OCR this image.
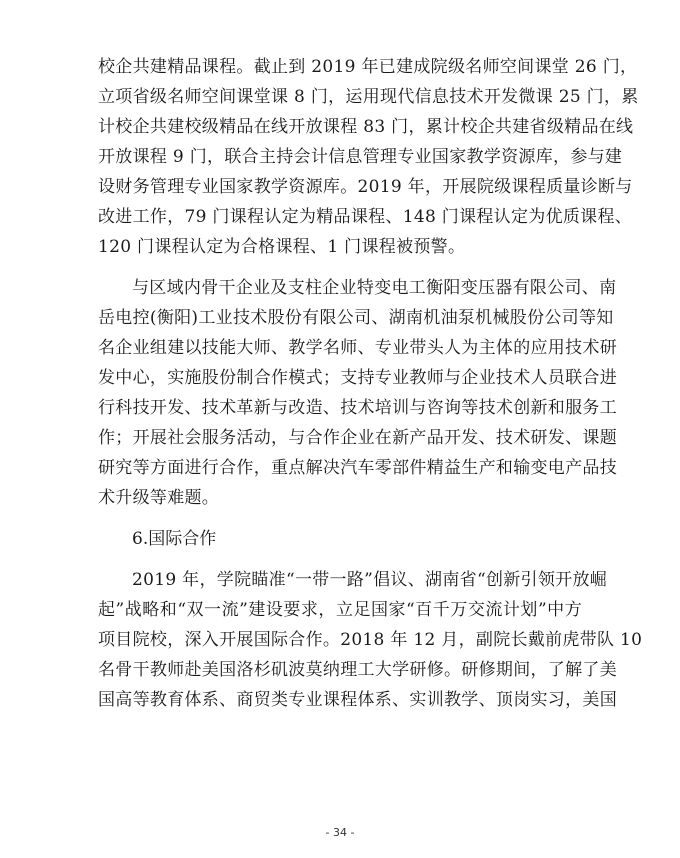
校企共建精品课程。截止到 2019 年已建成院级名师空间课堂 26 门，
立项省级名师空间课堂课 8 门，运用现代信息技术开发微课 25 门，累
计校企共建校级精品在线开放课程 83 门，累计校企共建省级精品在线
开放课程 9 门，联合主持会计信息管理专业国家教学资源库，参与建
设财务管理专业国家教学资源库。2019 年，开展院级课程质量诊断与
改进工作，79 门课程认定为精品课程、148 门课程认定为优质课程、
120 门课程认定为合格课程、1 门课程被预警。
与区域内骨干企业及支柱企业特变电工衡阳变压器有限公司、南
岳电控(衡阳)工业技术股份有限公司、湖南机油泵机械股份公司等知
名企业组建以技能大师、教学名师、专业带头人为主体的应用技术研
发中心，实施股份制合作模式；支持专业教师与企业技术人员联合进
行科技开发、技术革新与改造、技术培训与咨询等技术创新和服务工
作；开展社会服务活动，与合作企业在新产品开发、技术研发、课题
研究等方面进行合作，重点解决汽车零部件精益生产和输变电产品技
术升级等难题。
6.国际合作
2019 年，学院瞄准“一带一路”倡议、湖南省“创新引领开放崛
起”战略和“双一流”建设要求，立足国家“百千万交流计划”中方
项目院校，深入开展国际合作。2018 年 12 月，副院长戴前虎带队 10
名骨干教师赴美国洛杉矶波莫纳理工大学研修。研修期间，了解了美
国高等教育体系、商贸类专业课程体系、实训教学、顶岗实习，美国
- 34 -
